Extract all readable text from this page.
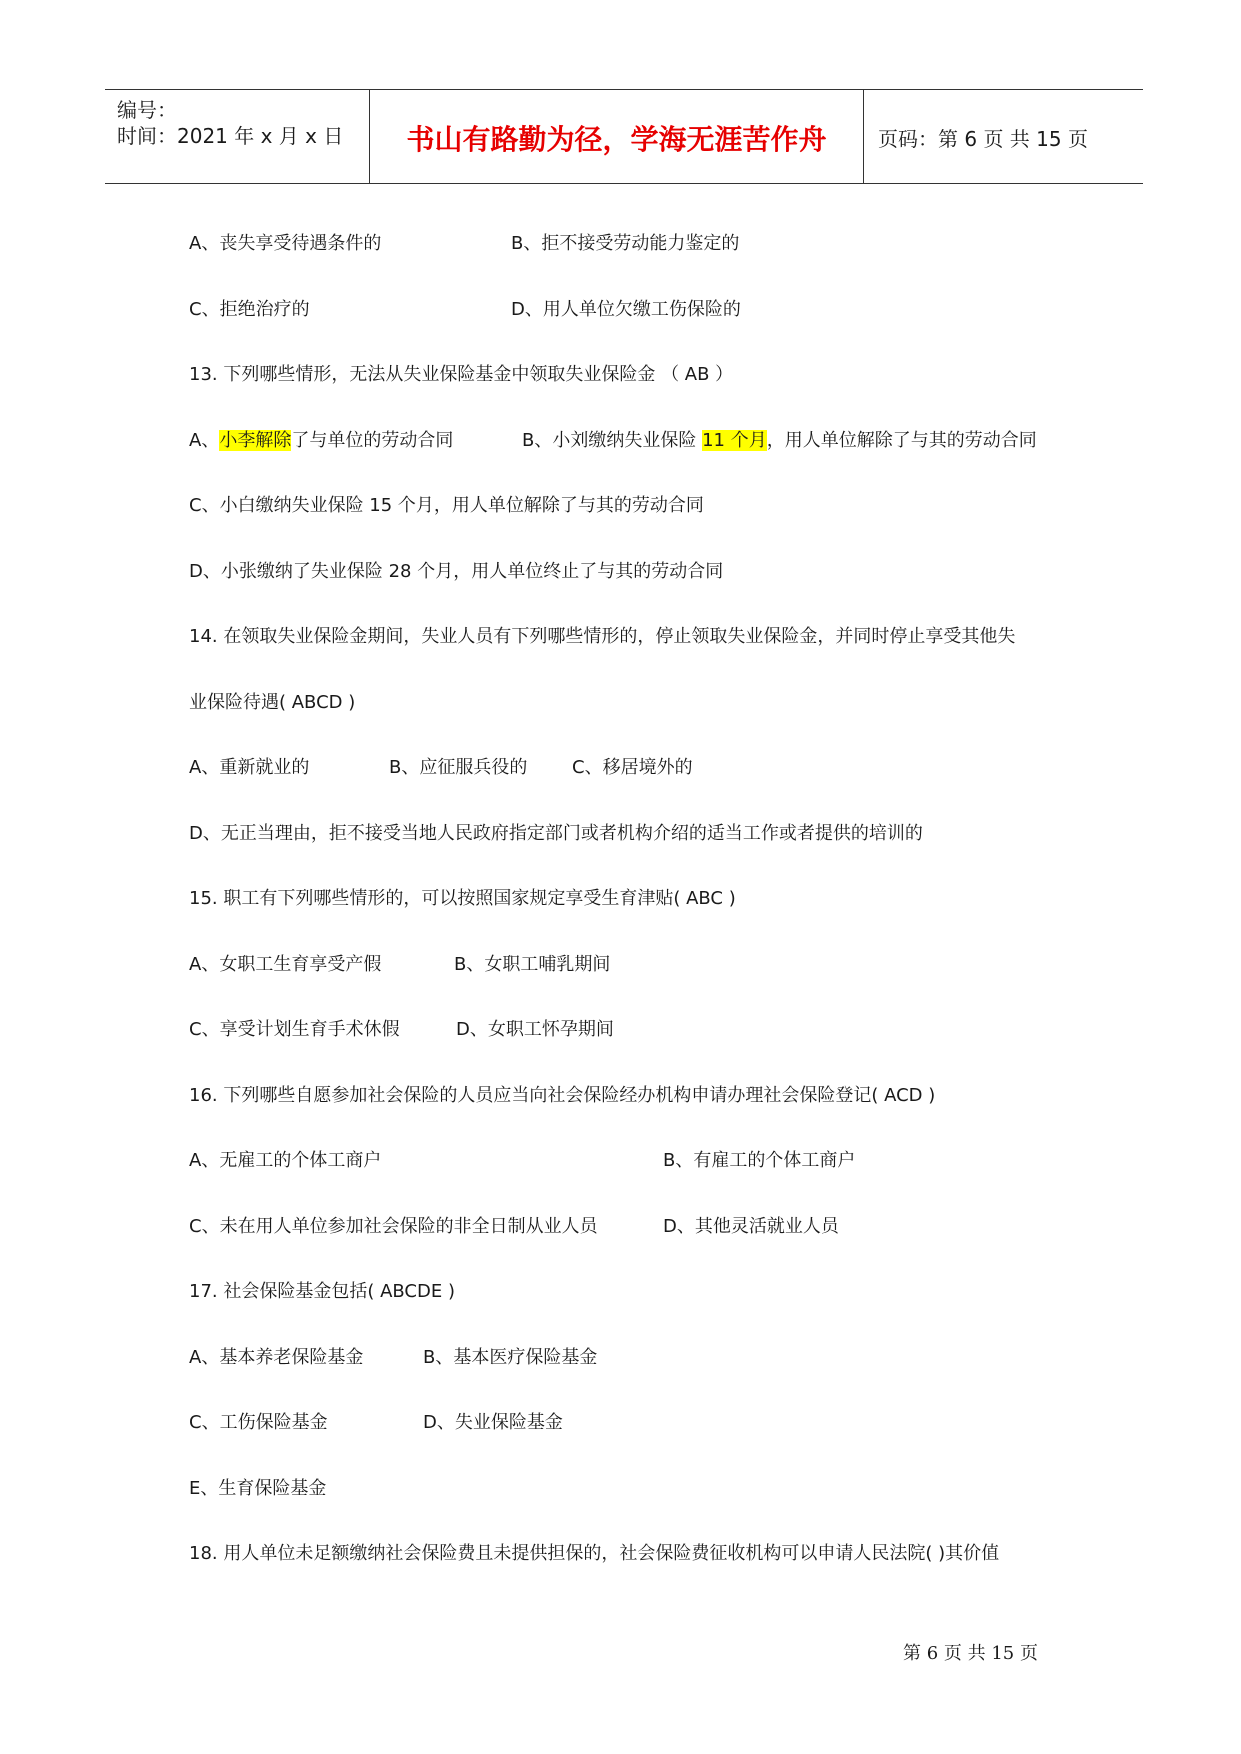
编号：
时间：2021 年 x 月 x 日	书山有路勤为径，学海无涯苦作舟	页码：第 6 页 共 15 页
A、丧失享受待遇条件的	B、拒不接受劳动能力鉴定的
C、拒绝治疗的	D、用人单位欠缴工伤保险的
13. 下列哪些情形，无法从失业保险基金中领取失业保险金 （ AB ）
A、小李解除了与单位的劳动合同	B、小刘缴纳失业保险 11 个月，用人单位解除了与其的劳动合同
C、小白缴纳失业保险 15 个月，用人单位解除了与其的劳动合同
D、小张缴纳了失业保险 28 个月，用人单位终止了与其的劳动合同
14. 在领取失业保险金期间，失业人员有下列哪些情形的，停止领取失业保险金，并同时停止享受其他失
业保险待遇( ABCD )
A、重新就业的	B、应征服兵役的 C、移居境外的
D、无正当理由，拒不接受当地人民政府指定部门或者机构介绍的适当工作或者提供的培训的
15. 职工有下列哪些情形的，可以按照国家规定享受生育津贴( ABC )
A、女职工生育享受产假	B、女职工哺乳期间
C、享受计划生育手术休假	D、女职工怀孕期间
16. 下列哪些自愿参加社会保险的人员应当向社会保险经办机构申请办理社会保险登记( ACD )
A、无雇工的个体工商户	B、有雇工的个体工商户
C、未在用人单位参加社会保险的非全日制从业人员	D、其他灵活就业人员
17. 社会保险基金包括( ABCDE )
A、基本养老保险基金	B、基本医疗保险基金
C、工伤保险基金	D、失业保险基金
E、生育保险基金
18. 用人单位未足额缴纳社会保险费且未提供担保的，社会保险费征收机构可以申请人民法院( )其价值
第 6 页 共 15 页
